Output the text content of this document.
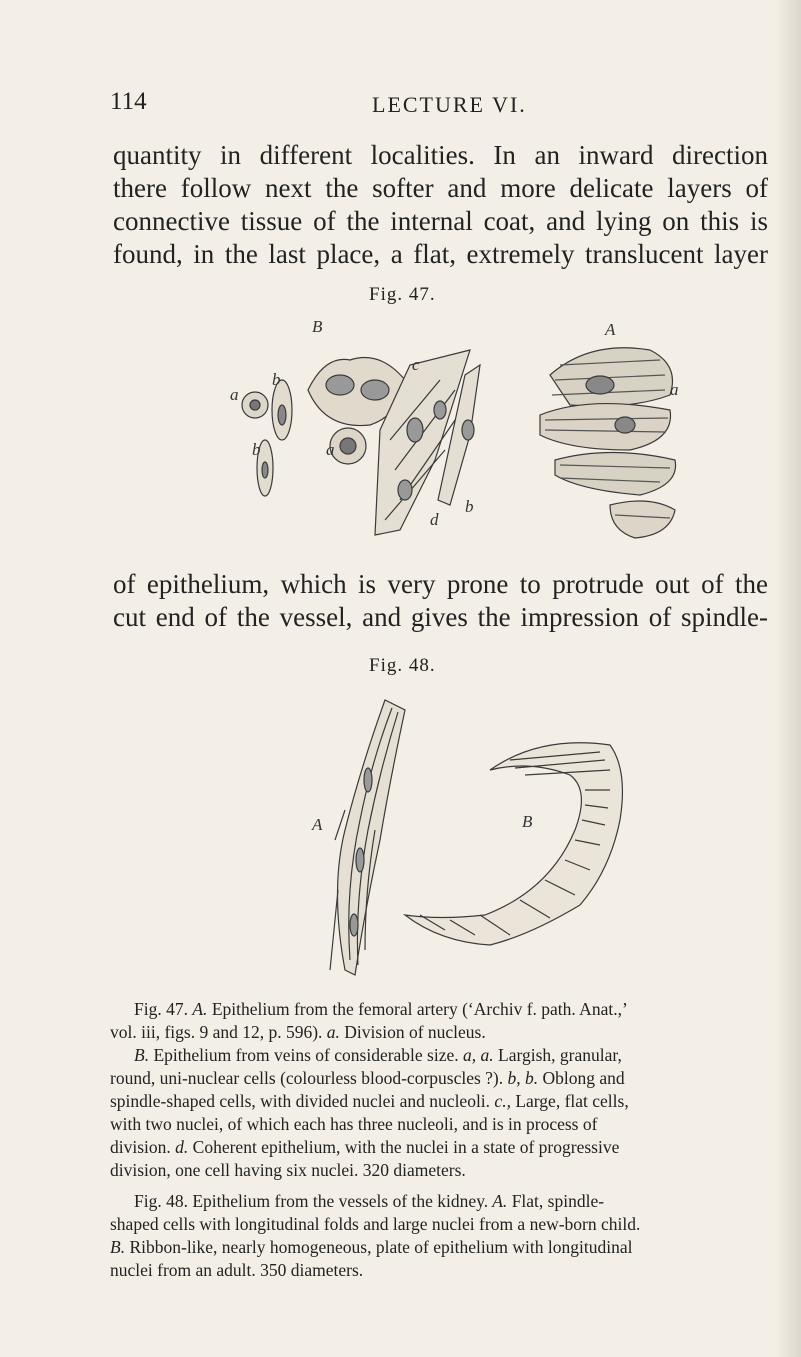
114	LECTURE VI.
quantity in different localities. In an inward direction
there follow next the softer and more delicate layers of
connective tissue of the internal coat, and lying on this is
found, in the last place, a flat, extremely translucent layer
Fig. 47.
B	A
a
b
b
c
a
d
b
a
of epithelium, which is very prone to protrude out of the
cut end of the vessel, and gives the impression of spindle-
Fig. 48.
A	B
Fig. 47. A. Epithelium from the femoral artery (‘Archiv f. path. Anat.,’
vol. iii, figs. 9 and 12, p. 596). a. Division of nucleus.
B. Epithelium from veins of considerable size. a, a. Largish, granular,
round, uni-nuclear cells (colourless blood-corpuscles ?). b, b. Oblong and
spindle-shaped cells, with divided nuclei and nucleoli. c., Large, flat cells,
with two nuclei, of which each has three nucleoli, and is in process of
division. d. Coherent epithelium, with the nuclei in a state of progressive
division, one cell having six nuclei. 320 diameters.
Fig. 48. Epithelium from the vessels of the kidney. A. Flat, spindle-
shaped cells with longitudinal folds and large nuclei from a new-born child.
B. Ribbon-like, nearly homogeneous, plate of epithelium with longitudinal
nuclei from an adult. 350 diameters.
